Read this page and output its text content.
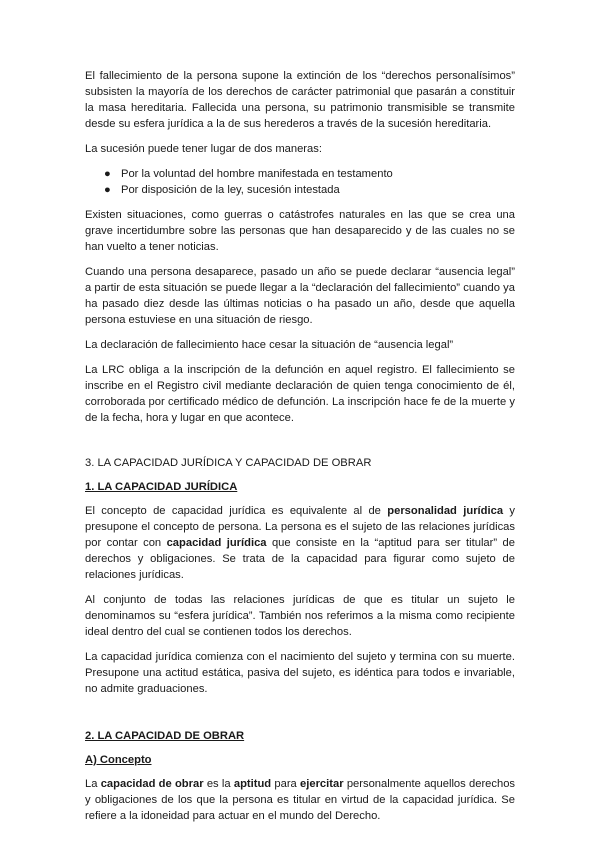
El fallecimiento de la persona supone la extinción de los “derechos personalísimos” subsisten la mayoría de los derechos de carácter patrimonial que pasarán a constituir la masa hereditaria. Fallecida una persona, su patrimonio transmisible se transmite desde su esfera jurídica a la de sus herederos a través de la sucesión hereditaria.

La sucesión puede tener lugar de dos maneras:

● Por la voluntad del hombre manifestada en testamento
● Por disposición de la ley, sucesión intestada

Existen situaciones, como guerras o catástrofes naturales en las que se crea una grave incertidumbre sobre las personas que han desaparecido y de las cuales no se han vuelto a tener noticias.

Cuando una persona desaparece, pasado un año se puede declarar “ausencia legal” a partir de esta situación se puede llegar a la “declaración del fallecimiento” cuando ya ha pasado diez desde las últimas noticias o ha pasado un año, desde que aquella persona estuviese en una situación de riesgo.

La declaración de fallecimiento hace cesar la situación de “ausencia legal”

La LRC obliga a la inscripción de la defunción en aquel registro. El fallecimiento se inscribe en el Registro civil mediante declaración de quien tenga conocimiento de él, corroborada por certificado médico de defunción. La inscripción hace fe de la muerte y de la fecha, hora y lugar en que acontece.

3. LA CAPACIDAD JURÍDICA Y CAPACIDAD DE OBRAR
1. LA CAPACIDAD JURÍDICA

El concepto de capacidad jurídica es equivalente al de personalidad jurídica y presupone el concepto de persona. La persona es el sujeto de las relaciones jurídicas por contar con capacidad jurídica que consiste en la “aptitud para ser titular” de derechos y obligaciones. Se trata de la capacidad para figurar como sujeto de relaciones jurídicas.

Al conjunto de todas las relaciones jurídicas de que es titular un sujeto le denominamos su “esfera jurídica”. También nos referimos a la misma como recipiente ideal dentro del cual se contienen todos los derechos.

La capacidad jurídica comienza con el nacimiento del sujeto y termina con su muerte. Presupone una actitud estática, pasiva del sujeto, es idéntica para todos e invariable, no admite graduaciones.

2. LA CAPACIDAD DE OBRAR
A) Concepto

La capacidad de obrar es la aptitud para ejercitar personalmente aquellos derechos y obligaciones de los que la persona es titular en virtud de la capacidad jurídica. Se refiere a la idoneidad para actuar en el mundo del Derecho.
